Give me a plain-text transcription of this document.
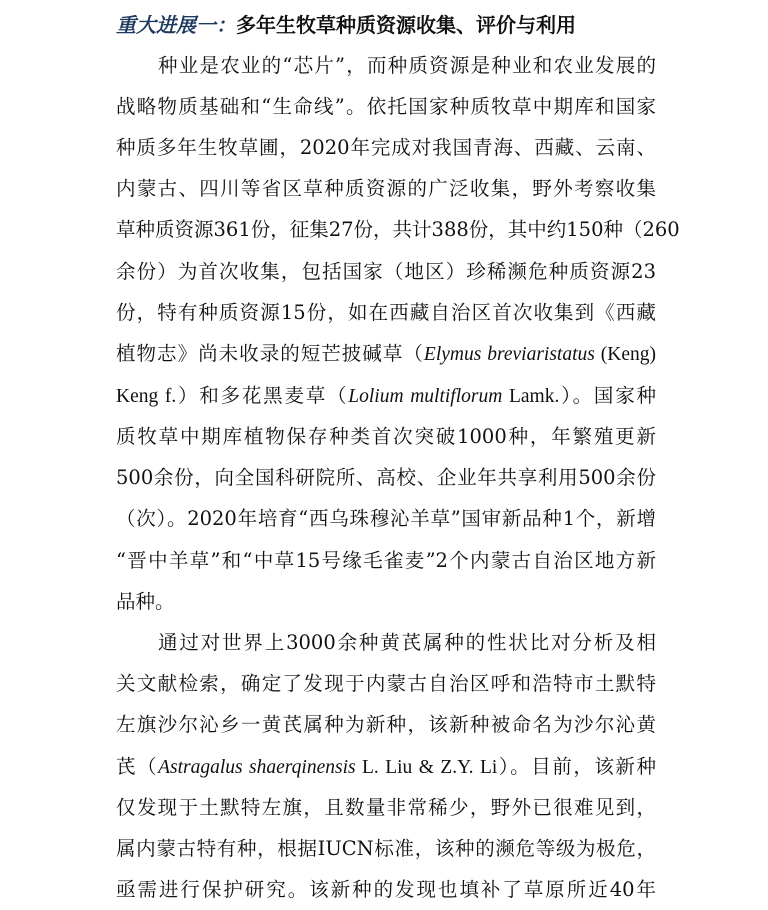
重大进展一：多年生牧草种质资源收集、评价与利用
种业是农业的“芯片”，而种质资源是种业和农业发展的
战略物质基础和“生命线”。依托国家种质牧草中期库和国家
种质多年生牧草圃，2020年完成对我国青海、西藏、云南、
内蒙古、四川等省区草种质资源的广泛收集，野外考察收集
草种质资源361份，征集27份，共计388份，其中约150种（260
余份）为首次收集，包括国家（地区）珍稀濒危种质资源23
份，特有种质资源15份，如在西藏自治区首次收集到《西藏
植物志》尚未收录的短芒披碱草（Elymus breviaristatus (Keng)
Keng f.）和多花黑麦草（Lolium multiflorum Lamk.）。国家种
质牧草中期库植物保存种类首次突破1000种，年繁殖更新
500余份，向全国科研院所、高校、企业年共享利用500余份
（次）。2020年培育“西乌珠穆沁羊草”国审新品种1个，新增
“晋中羊草”和“中草15号缘毛雀麦”2个内蒙古自治区地方新
品种。
通过对世界上3000余种黄芪属种的性状比对分析及相
关文献检索，确定了发现于内蒙古自治区呼和浩特市土默特
左旗沙尔沁乡一黄芪属种为新种，该新种被命名为沙尔沁黄
芪（Astragalus shaerqinensis L. Liu & Z.Y. Li）。目前，该新种
仅发现于土默特左旗，且数量非常稀少，野外已很难见到，
属内蒙古特有种，根据IUCN标准，该种的濒危等级为极危，
亟需进行保护研究。该新种的发现也填补了草原所近40年
